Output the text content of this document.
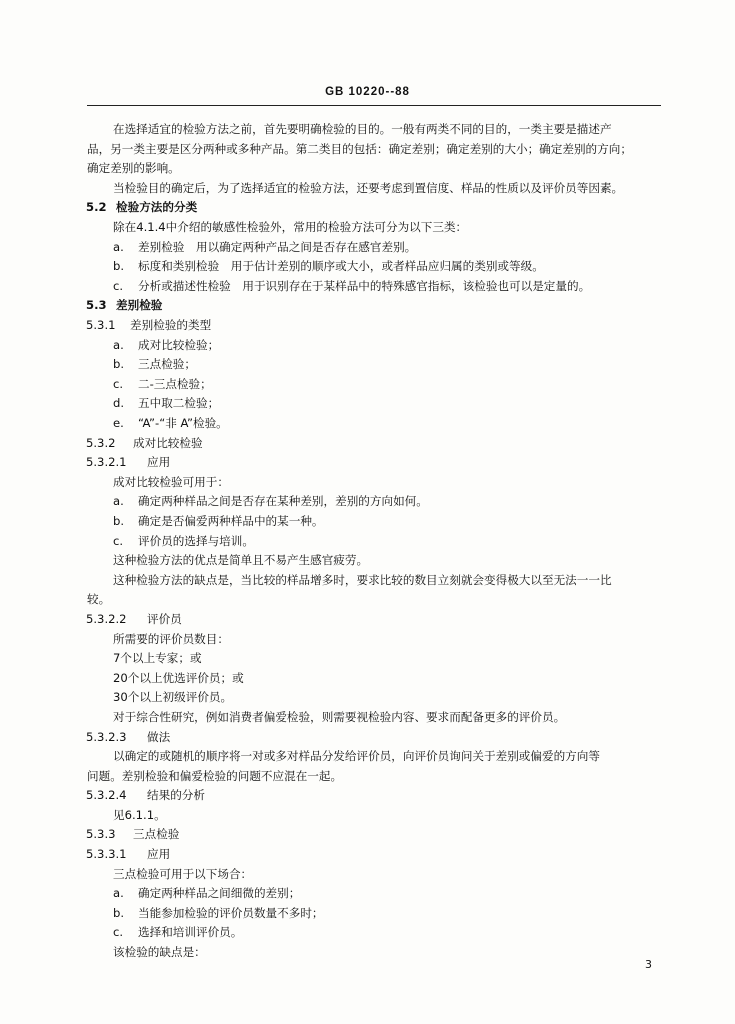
GB 10220--88
在选择适宜的检验方法之前，首先要明确检验的目的。一般有两类不同的目的，一类主要是描述产
品，另一类主要是区分两种或多种产品。第二类目的包括：确定差别；确定差别的大小；确定差别的方向；
确定差别的影响。
当检验目的确定后，为了选择适宜的检验方法，还要考虑到置信度、样品的性质以及评价员等因素。
5.2 检验方法的分类
除在4.1.4中介绍的敏感性检验外，常用的检验方法可分为以下三类：
a.	差别检验　用以确定两种产品之间是否存在感官差别。
b.	标度和类别检验　用于估计差别的顺序或大小，或者样品应归属的类别或等级。
c.	分析或描述性检验　用于识别存在于某样品中的特殊感官指标，该检验也可以是定量的。
5.3 差别检验
5.3.1 差别检验的类型
a.	成对比较检验；
b.	三点检验；
c.	二-三点检验；
d.	五中取二检验；
e.	“A”-“非 A”检验。
5.3.2 成对比较检验
5.3.2.1 应用
成对比较检验可用于：
a.	确定两种样品之间是否存在某种差别，差别的方向如何。
b.	确定是否偏爱两种样品中的某一种。
c.	评价员的选择与培训。
这种检验方法的优点是简单且不易产生感官疲劳。
这种检验方法的缺点是，当比较的样品增多时，要求比较的数目立刻就会变得极大以至无法一一比
较。
5.3.2.2 评价员
所需要的评价员数目：
7个以上专家；或
20个以上优选评价员；或
30个以上初级评价员。
对于综合性研究，例如消费者偏爱检验，则需要视检验内容、要求而配备更多的评价员。
5.3.2.3 做法
以确定的或随机的顺序将一对或多对样品分发给评价员，向评价员询问关于差别或偏爱的方向等
问题。差别检验和偏爱检验的问题不应混在一起。
5.3.2.4 结果的分析
见6.1.1。
5.3.3 三点检验
5.3.3.1 应用
三点检验可用于以下场合：
a.	确定两种样品之间细微的差别；
b.	当能参加检验的评价员数量不多时；
c.	选择和培训评价员。
该检验的缺点是：
3
